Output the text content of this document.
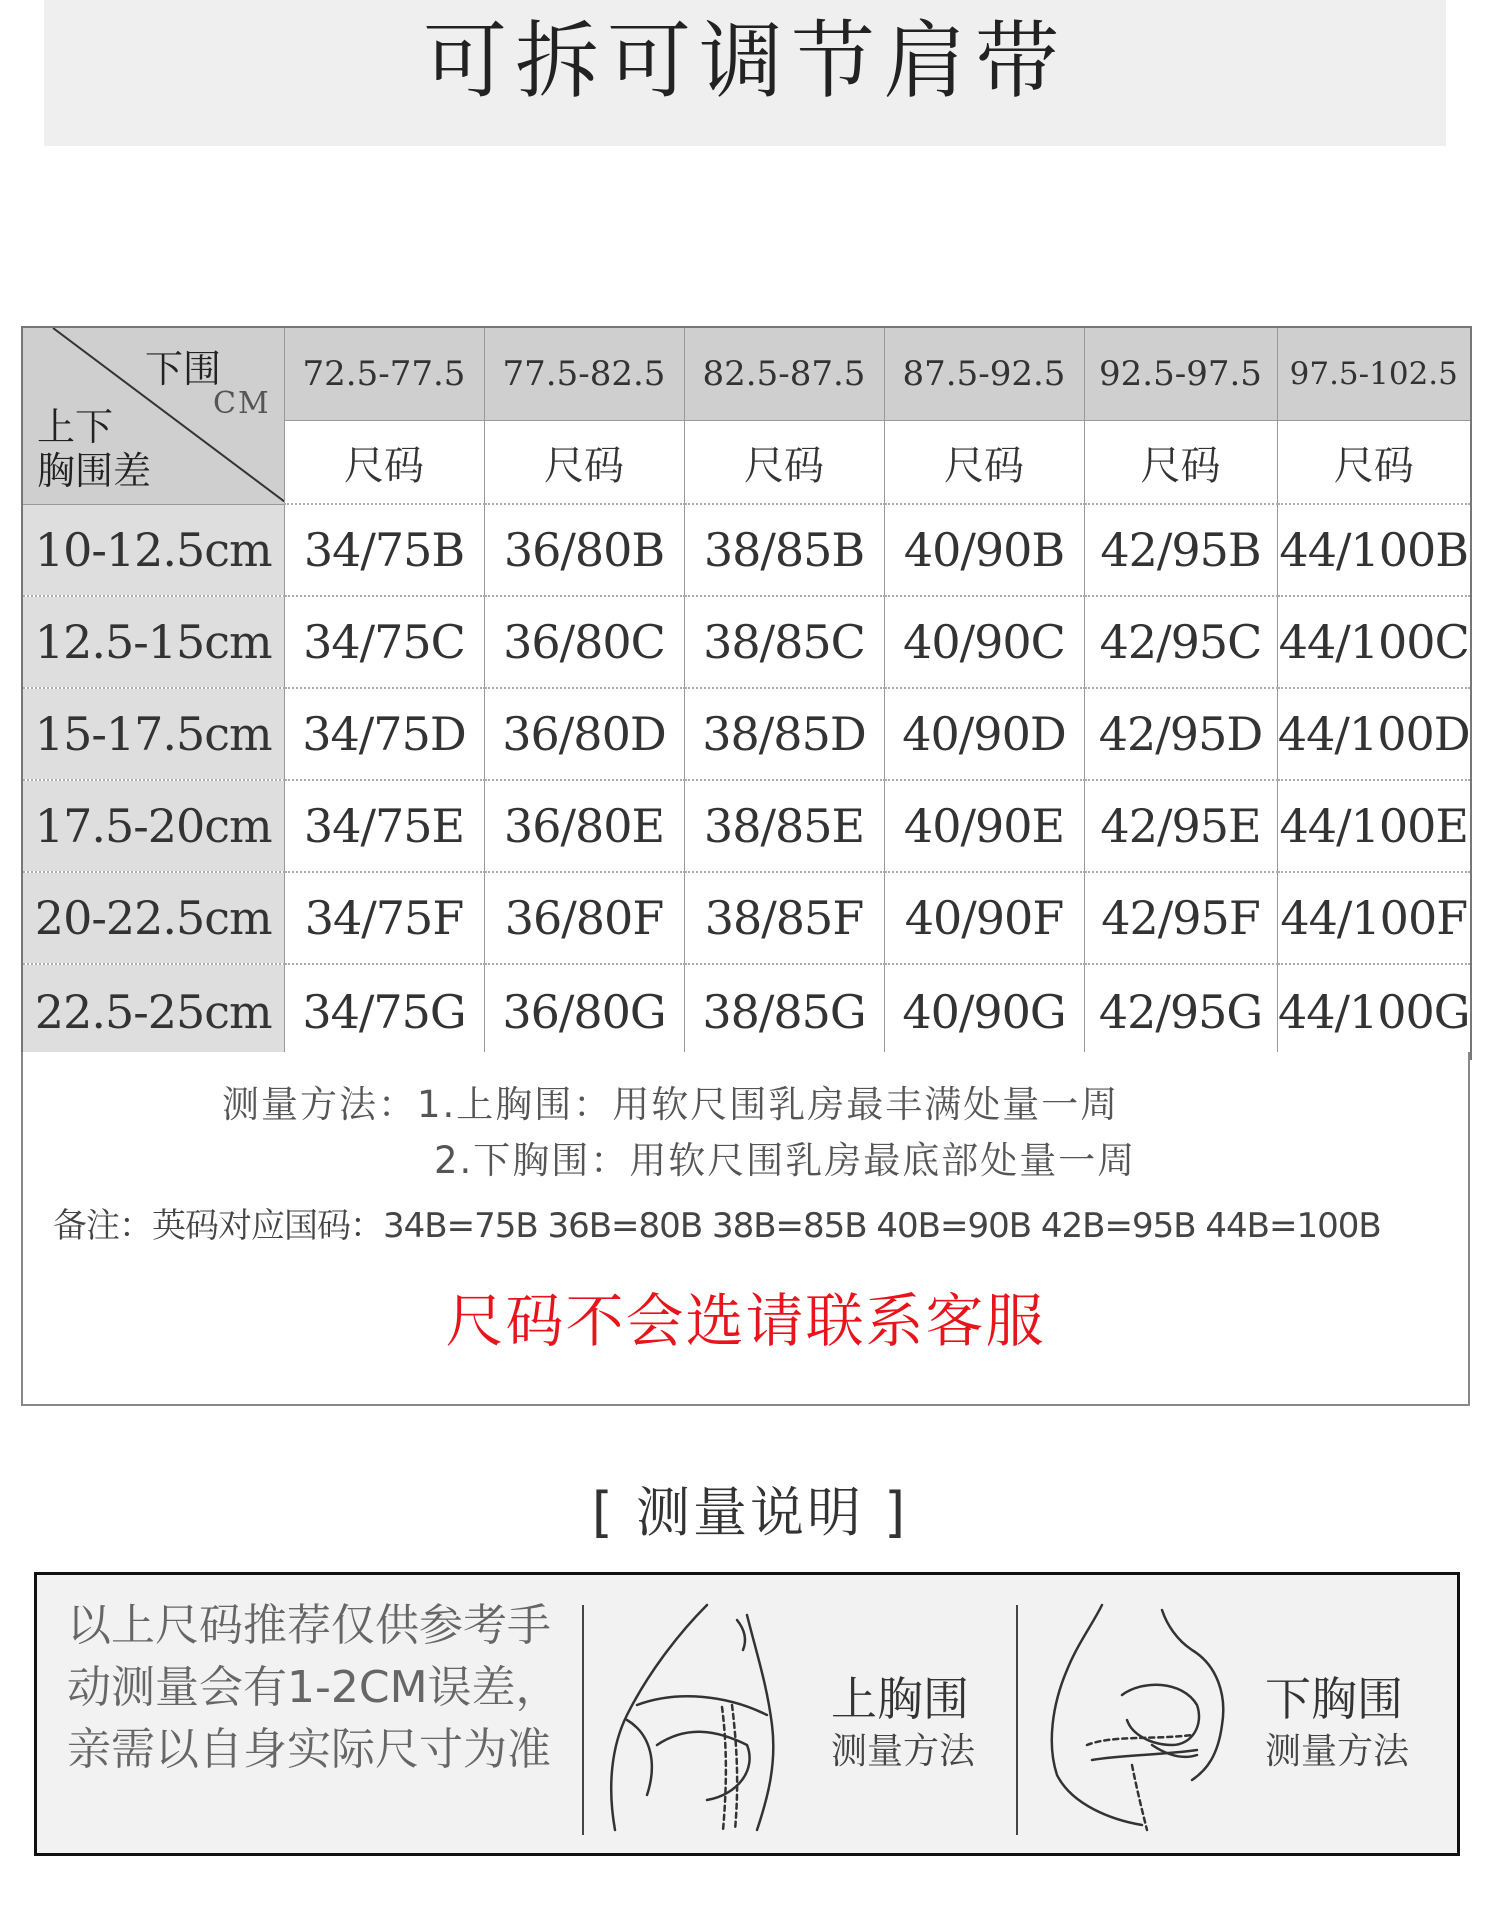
可拆可调节肩带
下围
CM
上下
胸围差	72.5-77.5	77.5-82.5	82.5-87.5	87.5-92.5	92.5-97.5	97.5-102.5
	尺码	尺码	尺码	尺码	尺码	尺码
10-12.5cm	34/75B	36/80B	38/85B	40/90B	42/95B	44/100B
12.5-15cm	34/75C	36/80C	38/85C	40/90C	42/95C	44/100C
15-17.5cm	34/75D	36/80D	38/85D	40/90D	42/95D	44/100D
17.5-20cm	34/75E	36/80E	38/85E	40/90E	42/95E	44/100E
20-22.5cm	34/75F	36/80F	38/85F	40/90F	42/95F	44/100F
22.5-25cm	34/75G	36/80G	38/85G	40/90G	42/95G	44/100G
测量方法：1.上胸围：用软尺围乳房最丰满处量一周
2.下胸围：用软尺围乳房最底部处量一周
备注：英码对应国码：34B=75B 36B=80B 38B=85B 40B=90B 42B=95B 44B=100B
尺码不会选请联系客服
[ 测量说明 ]
以上尺码推荐仅供参考手动测量会有1-2CM误差，亲需以自身实际尺寸为准
上胸围
测量方法
下胸围
测量方法
